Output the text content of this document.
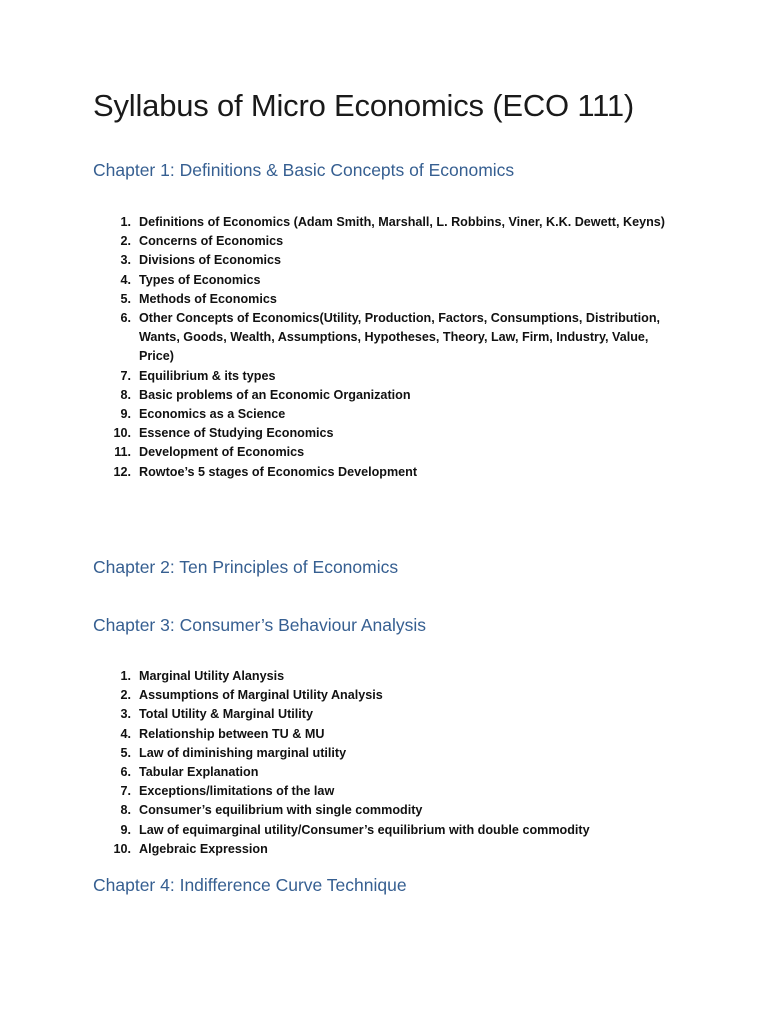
Syllabus of Micro Economics (ECO 111)
Chapter 1: Definitions & Basic Concepts of Economics
1. Definitions of Economics (Adam Smith, Marshall, L. Robbins, Viner, K.K. Dewett, Keyns)
2. Concerns of Economics
3. Divisions of Economics
4. Types of Economics
5. Methods of Economics
6. Other Concepts of Economics(Utility, Production, Factors, Consumptions, Distribution, Wants, Goods, Wealth, Assumptions, Hypotheses, Theory, Law, Firm, Industry, Value, Price)
7. Equilibrium & its types
8. Basic problems of an Economic Organization
9. Economics as a Science
10. Essence of Studying Economics
11. Development of Economics
12. Rowtoe’s 5 stages of Economics Development
Chapter 2: Ten Principles of Economics
Chapter 3: Consumer’s Behaviour Analysis
1. Marginal Utility Alanysis
2. Assumptions of Marginal Utility Analysis
3. Total Utility & Marginal Utility
4. Relationship between TU & MU
5. Law of diminishing marginal utility
6. Tabular Explanation
7. Exceptions/limitations of the law
8. Consumer’s equilibrium with single commodity
9. Law of equimarginal utility/Consumer’s equilibrium with double commodity
10. Algebraic Expression
Chapter 4: Indifference Curve Technique
